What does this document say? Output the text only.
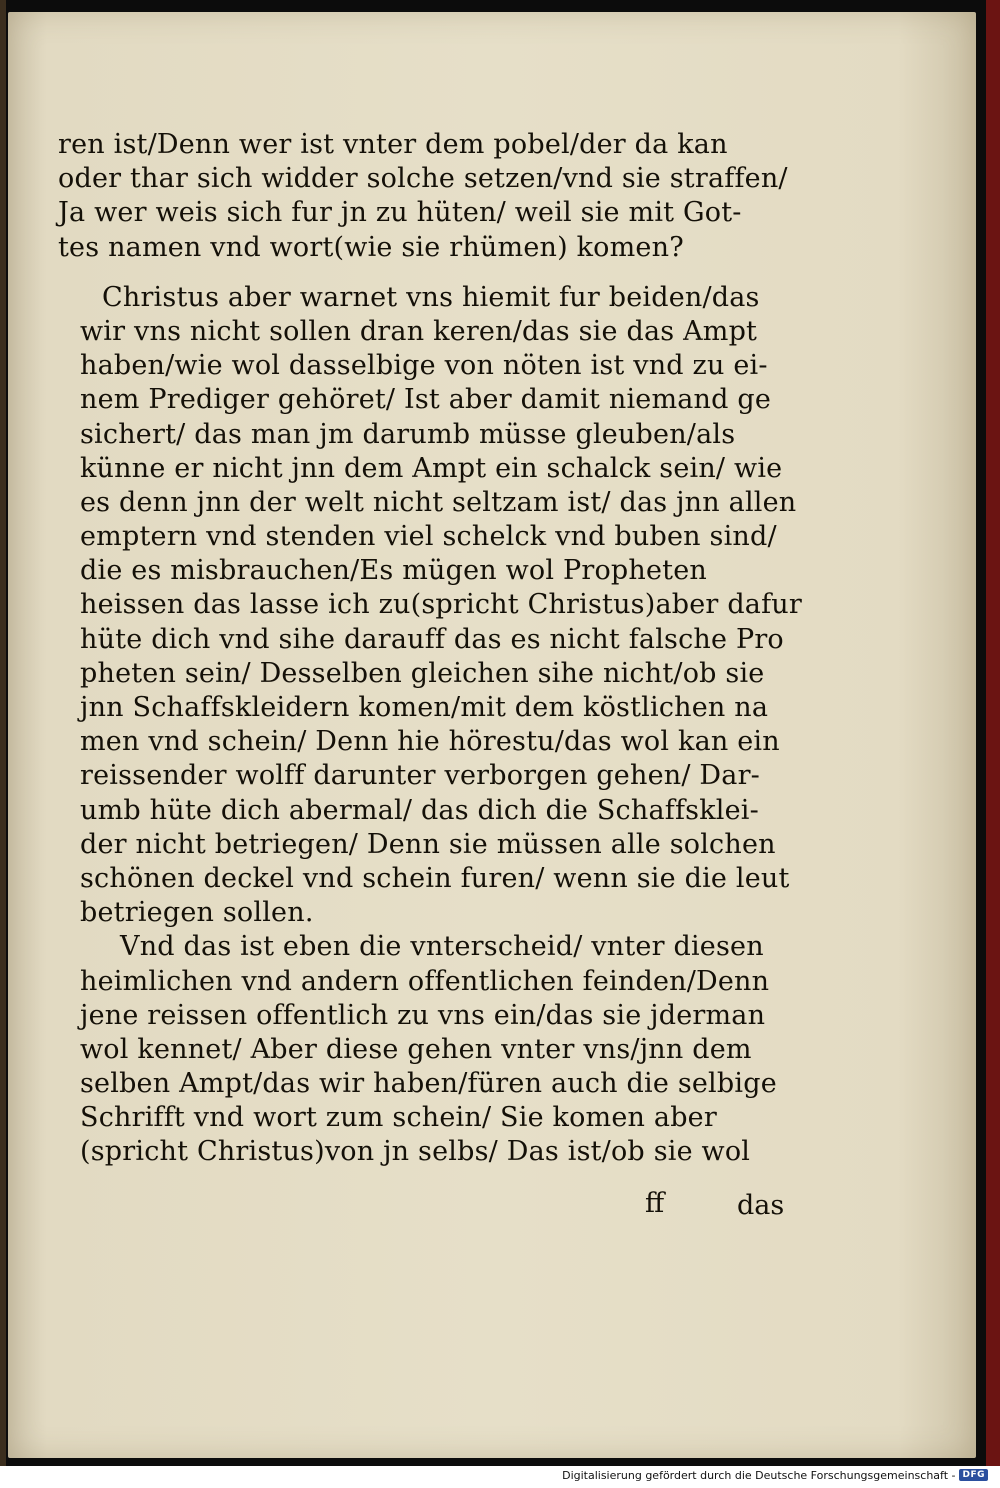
ren ist/Denn wer ist vnter dem pobel/der da kan
oder thar sich widder solche setzen/vnd sie straffen/
Ja wer weis sich fur jn zu hüten/ weil sie mit Got-
tes namen vnd wort(wie sie rhümen) komen?
Christus aber warnet vns hiemit fur beiden/das
wir vns nicht sollen dran keren/das sie das Ampt
haben/wie wol dasselbige von nöten ist vnd zu ei-
nem Prediger gehöret/ Ist aber damit niemand ge
sichert/ das man jm darumb müsse gleuben/als
künne er nicht jnn dem Ampt ein schalck sein/ wie
es denn jnn der welt nicht seltzam ist/ das jnn allen
emptern vnd stenden viel schelck vnd buben sind/
die es misbrauchen/Es mügen wol Propheten
heissen das lasse ich zu(spricht Christus)aber dafur
hüte dich vnd sihe darauff das es nicht falsche Pro
pheten sein/ Desselben gleichen sihe nicht/ob sie
jnn Schaffskleidern komen/mit dem köstlichen na
men vnd schein/ Denn hie hörestu/das wol kan ein
reissender wolff darunter verborgen gehen/ Dar-
umb hüte dich abermal/ das dich die Schaffsklei-
der nicht betriegen/ Denn sie müssen alle solchen
schönen deckel vnd schein furen/ wenn sie die leut
betriegen sollen.
Vnd das ist eben die vnterscheid/ vnter diesen
heimlichen vnd andern offentlichen feinden/Denn
jene reissen offentlich zu vns ein/das sie jderman
wol kennet/ Aber diese gehen vnter vns/jnn dem
selben Ampt/das wir haben/füren auch die selbige
Schrifft vnd wort zum schein/ Sie komen aber
(spricht Christus)von jn selbs/ Das ist/ob sie wol
ff	das
Digitalisierung gefördert durch die Deutsche Forschungsgemeinschaft - DFG
